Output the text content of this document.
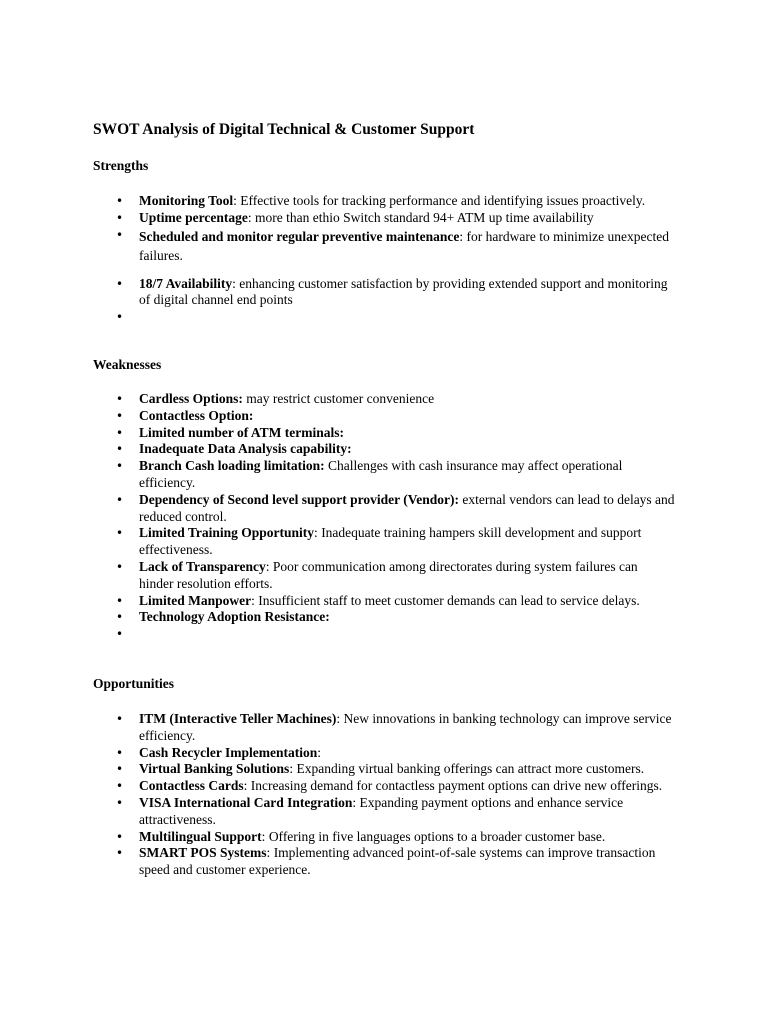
SWOT Analysis of Digital Technical & Customer Support
Strengths
• Monitoring Tool: Effective tools for tracking performance and identifying issues proactively.
• Uptime percentage: more than ethio Switch standard 94+ ATM up time availability
• Scheduled and monitor regular preventive maintenance: for hardware to minimize unexpected failures.
• 18/7 Availability: enhancing customer satisfaction by providing extended support and monitoring of digital channel end points
•
Weaknesses
• Cardless Options: may restrict customer convenience
• Contactless Option:
• Limited number of ATM terminals:
• Inadequate Data Analysis capability:
• Branch Cash loading limitation: Challenges with cash insurance may affect operational efficiency.
• Dependency of Second level support provider (Vendor): external vendors can lead to delays and reduced control.
• Limited Training Opportunity: Inadequate training hampers skill development and support effectiveness.
• Lack of Transparency: Poor communication among directorates during system failures can hinder resolution efforts.
• Limited Manpower: Insufficient staff to meet customer demands can lead to service delays.
• Technology Adoption Resistance:
•
Opportunities
• ITM (Interactive Teller Machines): New innovations in banking technology can improve service efficiency.
• Cash Recycler Implementation:
• Virtual Banking Solutions: Expanding virtual banking offerings can attract more customers.
• Contactless Cards: Increasing demand for contactless payment options can drive new offerings.
• VISA International Card Integration: Expanding payment options and enhance service attractiveness.
• Multilingual Support: Offering in five languages options to a broader customer base.
• SMART POS Systems: Implementing advanced point-of-sale systems can improve transaction speed and customer experience.
